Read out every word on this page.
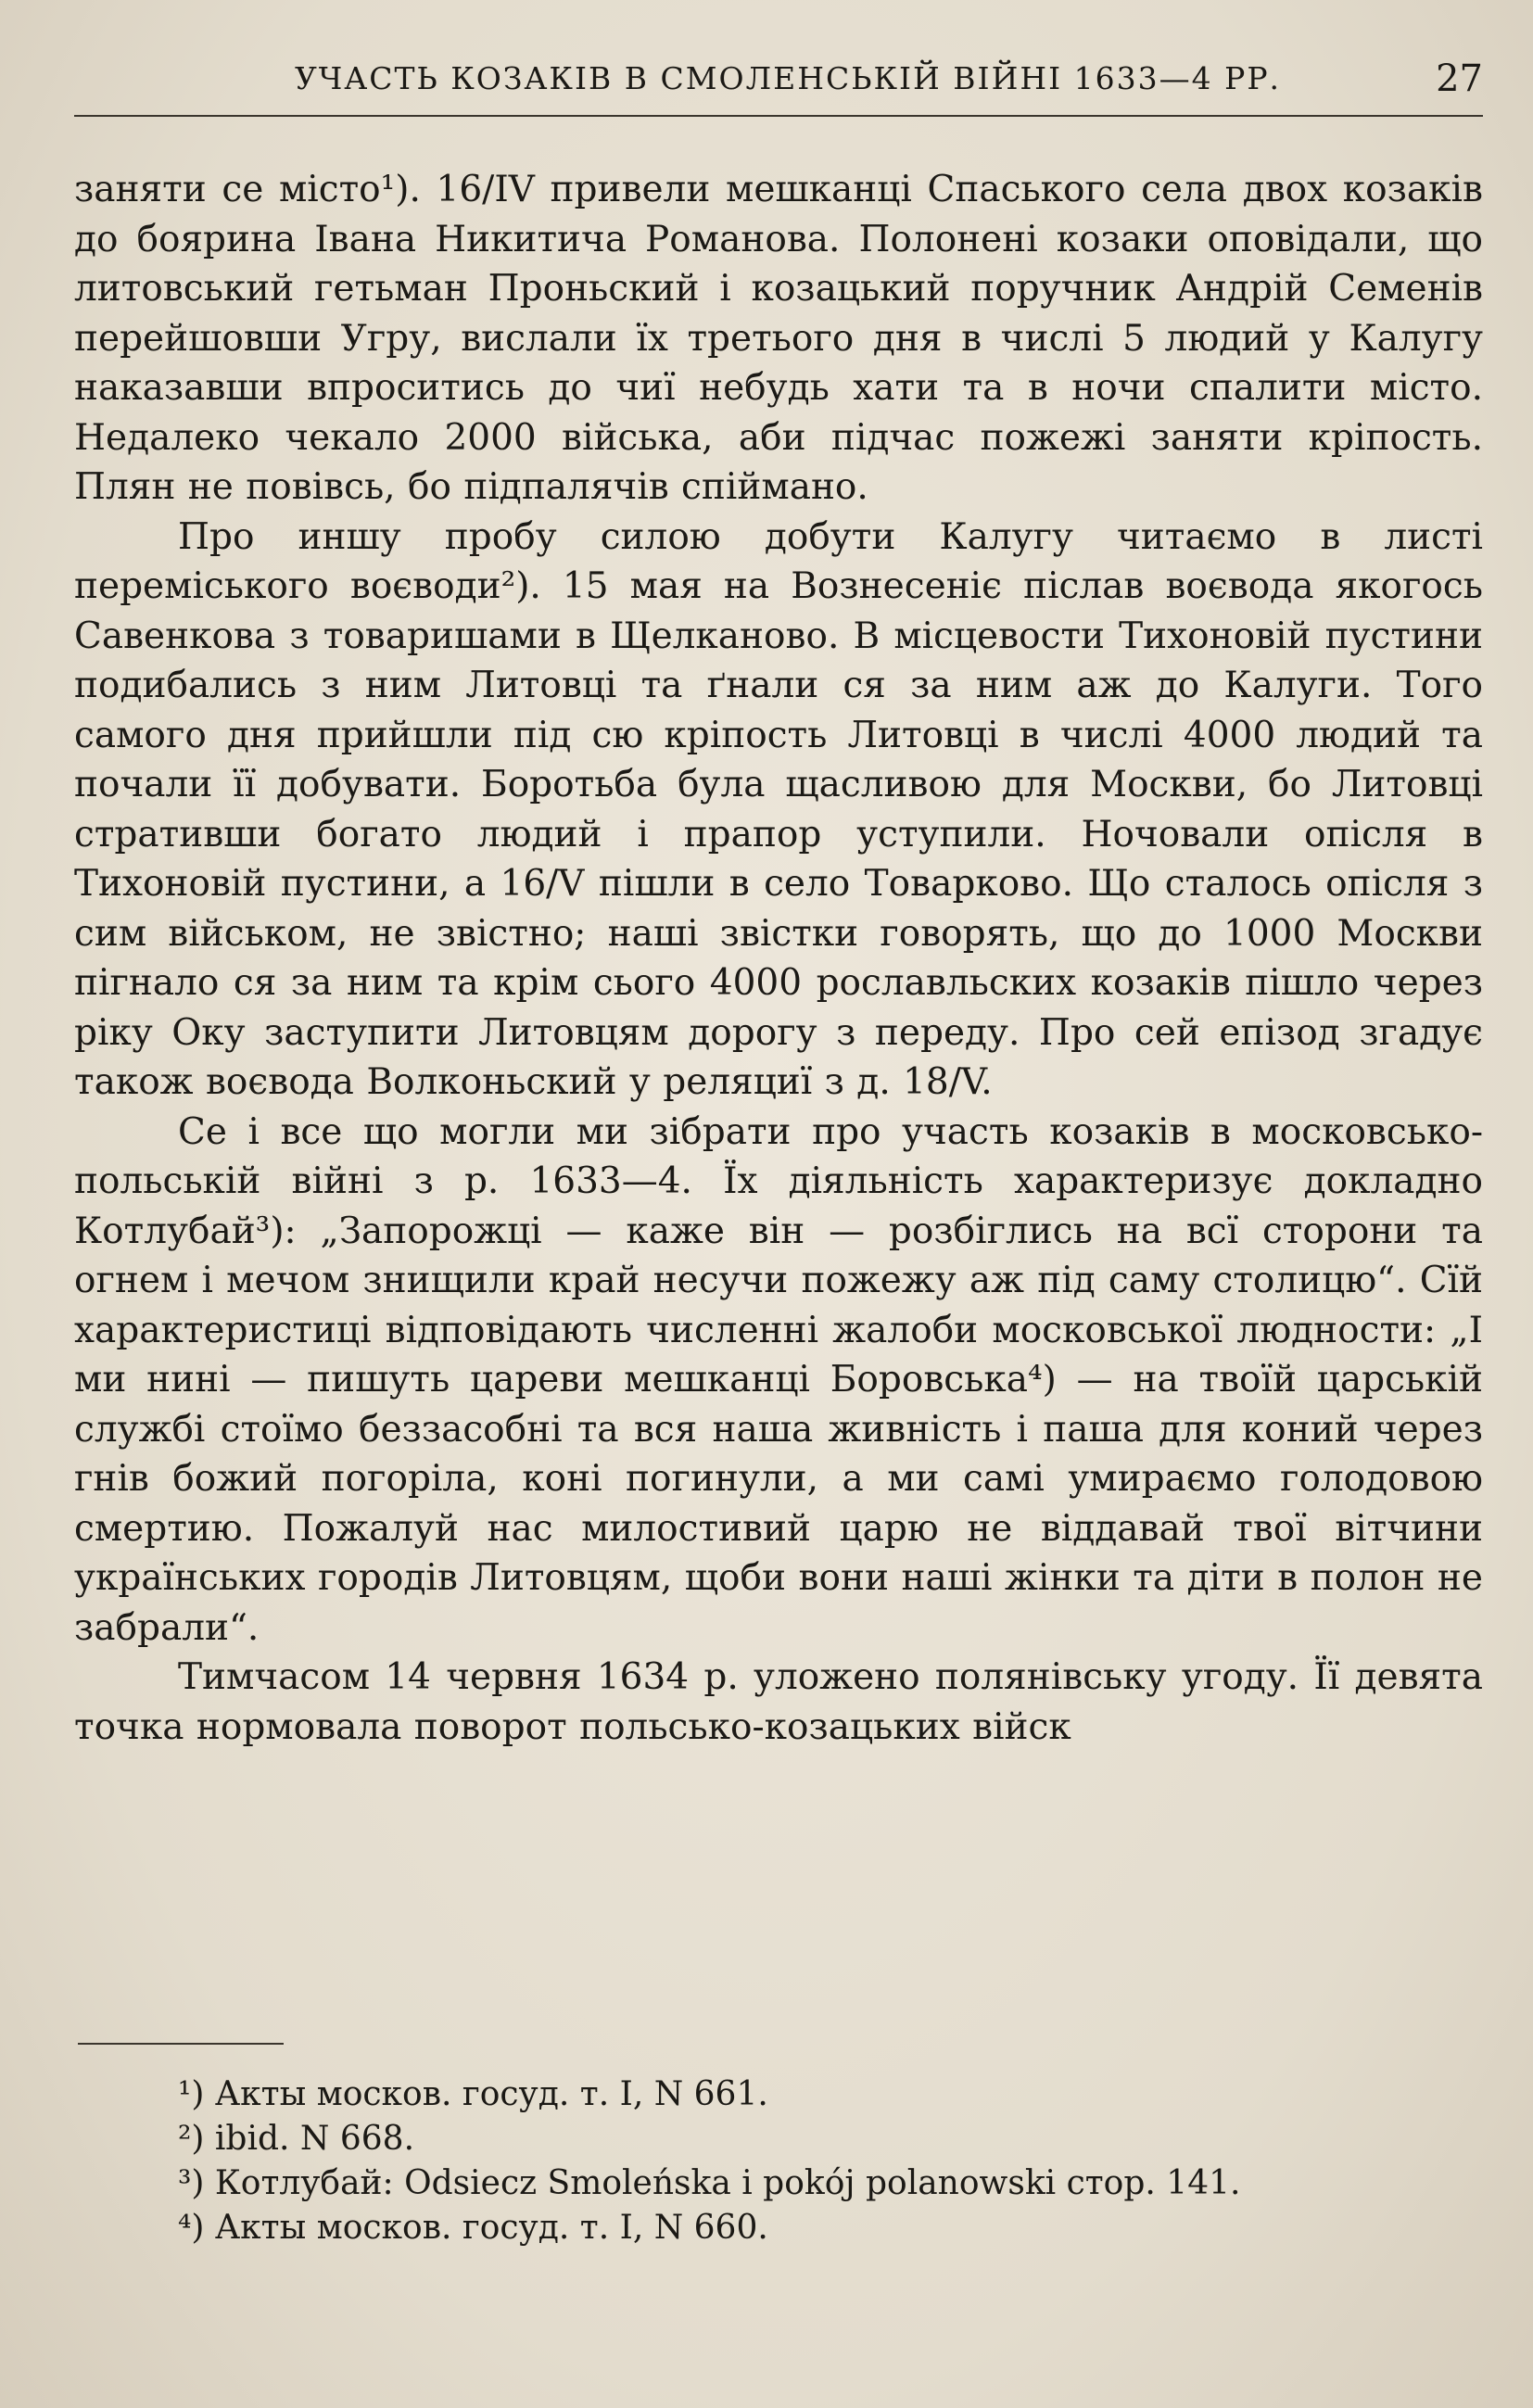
УЧАСТЬ КОЗАКІВ В СМОЛЕНСЬКІЙ ВІЙНІ 1633—4 РР.	27

заняти се місто¹). 16/IV привели мешканці Спаського села двох козаків до боярина Івана Никитича Романова. Полонені козаки оповідали, що литовський гетьман Проньский і козацький поручник Андрій Семенів перейшовши Угру, вислали їх третього дня в числі 5 людий у Калугу наказавши впроситись до чиї небудь хати та в ночи спалити місто. Недалеко чекало 2000 війська, аби підчас пожежі заняти кріпость. Плян не повівсь, бо підпалячів спіймано.

Про иншу пробу силою добути Калугу читаємо в листі переміського воєводи²). 15 мая на Вознесеніє післав воєвода якогось Савенкова з товаришами в Щелканово. В місцевости Тихоновій пустини подибались з ним Литовці та ґнали ся за ним аж до Калуги. Того самого дня прийшли під сю кріпость Литовці в числі 4000 людий та почали її добувати. Боротьба була щасливою для Москви, бо Литовці стративши богато людий і прапор уступили. Ночовали опісля в Тихоновій пустини, а 16/V пішли в село Товарково. Що сталось опісля з сим військом, не звістно; наші звістки говорять, що до 1000 Москви пігнало ся за ним та крім сього 4000 рославльских козаків пішло через ріку Оку заступити Литовцям дорогу з переду. Про сей епізод згадує також воєвода Волконьский у реляциї з д. 18/V.

Се і все що могли ми зібрати про участь козаків в московсько-польській війні з р. 1633—4. Їх діяльність характеризує докладно Котлубай³): „Запорожці — каже він — розбіглись на всї сторони та огнем і мечом знищили край несучи пожежу аж під саму столицю“. Сїй характеристиці відповідають численні жалоби московської людности: „І ми нині — пишуть цареви мешканці Боровська⁴) — на твоїй царській службі стоїмо беззасобні та вся наша живність і паша для коний через гнів божий погоріла, коні погинули, а ми самі умираємо голодовою смертию. Пожалуй нас милостивий царю не віддавай твої вітчини українських городів Литовцям, щоби вони наші жінки та діти в полон не забрали“.

Тимчасом 14 червня 1634 р. уложено полянівську угоду. Її девята точка нормовала поворот польсько-козацьких війск

¹) Акты москов. госуд. т. I, N 661.
²) ibid. N 668.
³) Котлубай: Odsiecz Smoleńska i pokój polanowski стор. 141.
⁴) Акты москов. госуд. т. I, N 660.
